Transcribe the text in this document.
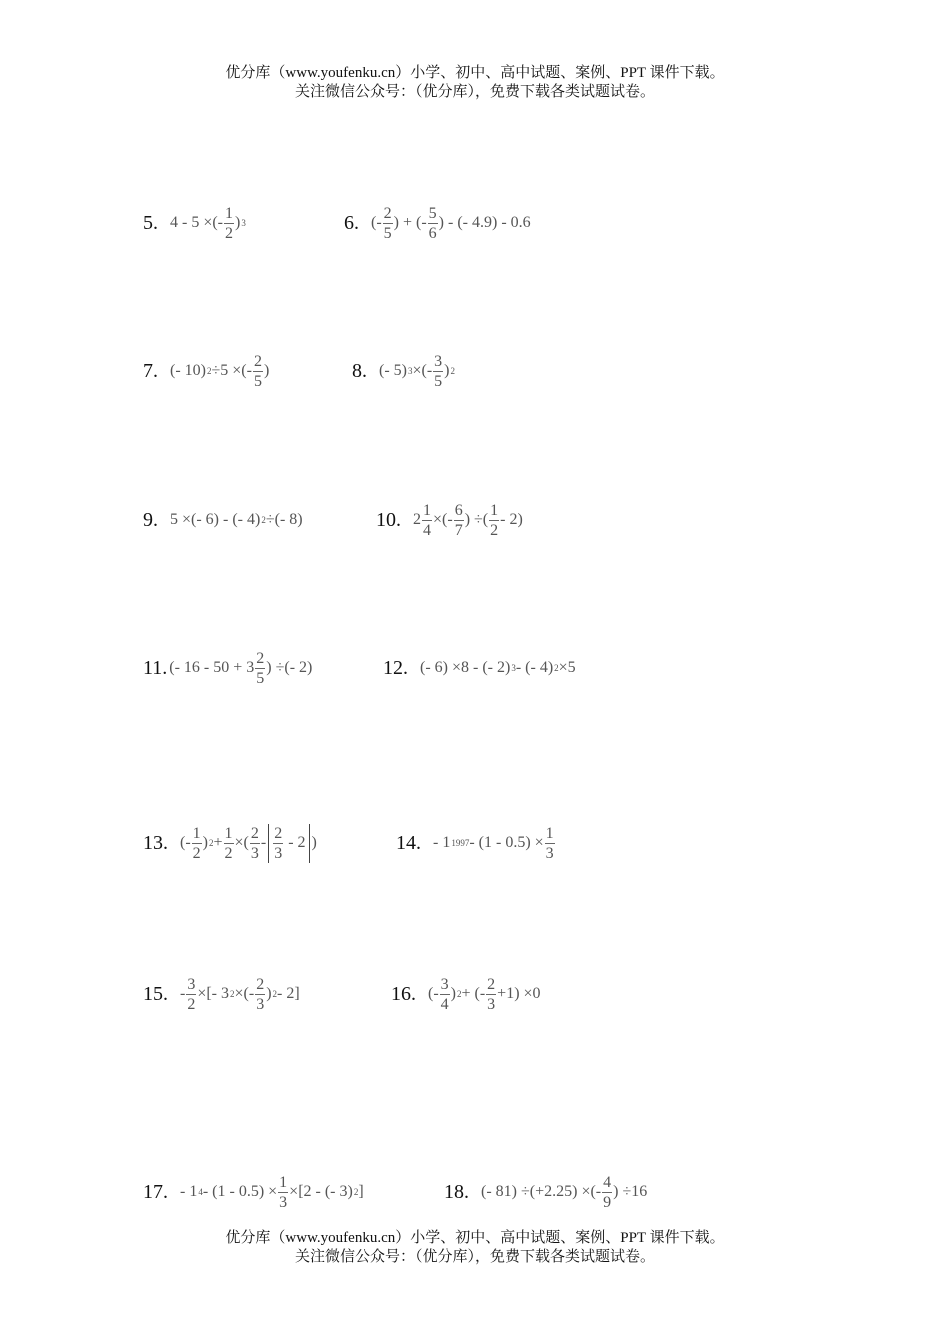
优分库（www.youfenku.cn）小学、初中、高中试题、案例、PPT 课件下载。
关注微信公众号：（优分库），免费下载各类试题试卷。
5. 4 - 5 ×(- $\frac{1}{2}$ ) 3	6. (- $\frac{2}{5}$ ) + (- $\frac{5}{6}$ ) - (- 4.9) - 0.6
7. (- 10) 2 ÷5 ×(- $\frac{2}{5}$ )	8. (- 5) 3 ×(- $\frac{3}{5}$ ) 2
9. 5 ×(- 6) - (- 4) 2 ÷(- 8)	10. $2 \frac{1}{4}$ ×(- $\frac{6}{7}$ ) ÷( $\frac{1}{2} - 2$)
11. (- $16 - 50 + 3 \frac{2}{5}$ ) ÷(- 2)	12. (- 6) ×8 - (- 2) 3 - (- 4) 2 ×5
13. (- $\frac{1}{2}$ ) $2 + \frac{1}{2}$ ×( $\frac{2}{3} - \frac{2}{3} - 2$ )	14. - 1 $1997 - (1 - 0.5) \times \frac{1}{3}$
15. - $\frac{3}{2}$ ×[- 3 2 ×(- $\frac{2}{3}$ ) 2 - 2]	16. (- $\frac{3}{4}$ ) 2 + (- $\frac{2}{3} +1) \times 0$
17. - 1 $4 - (1 - 0.5) \times \frac{1}{3} \times[2$ - (- 3) 2 ]	18. (- 81) ÷(+2.25) ×(- $\frac{4}{9}$ ) ÷16
优分库（www.youfenku.cn）小学、初中、高中试题、案例、PPT 课件下载。
关注微信公众号：（优分库），免费下载各类试题试卷。
